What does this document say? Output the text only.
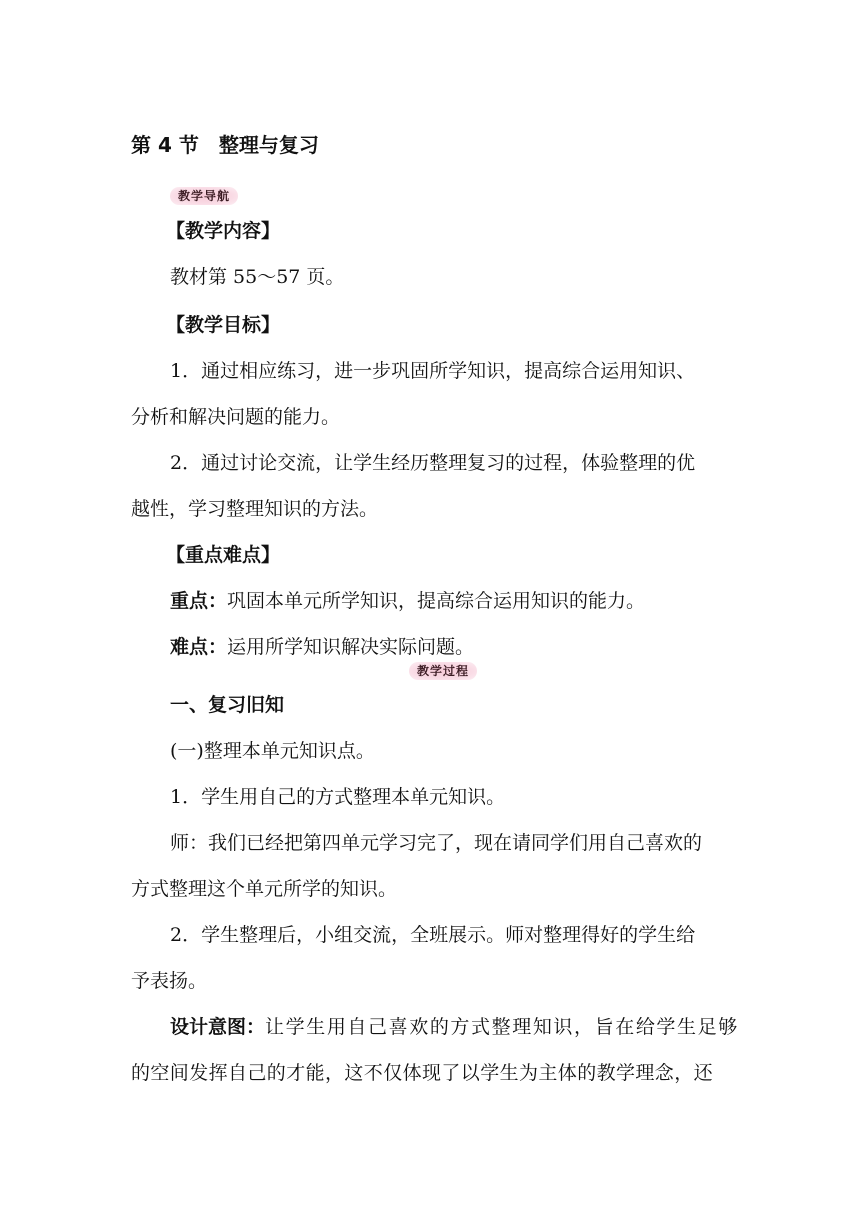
第 4 节　整理与复习
教学导航
【教学内容】
教材第 55～57 页。
【教学目标】
1．通过相应练习，进一步巩固所学知识，提高综合运用知识、
分析和解决问题的能力。
2．通过讨论交流，让学生经历整理复习的过程，体验整理的优
越性，学习整理知识的方法。
【重点难点】
重点：巩固本单元所学知识，提高综合运用知识的能力。
难点：运用所学知识解决实际问题。
教学过程
一、复习旧知
(一)整理本单元知识点。
1．学生用自己的方式整理本单元知识。
师：我们已经把第四单元学习完了，现在请同学们用自己喜欢的
方式整理这个单元所学的知识。
2．学生整理后，小组交流，全班展示。师对整理得好的学生给
予表扬。
设计意图：让学生用自己喜欢的方式整理知识，旨在给学生足够
的空间发挥自己的才能，这不仅体现了以学生为主体的教学理念，还
